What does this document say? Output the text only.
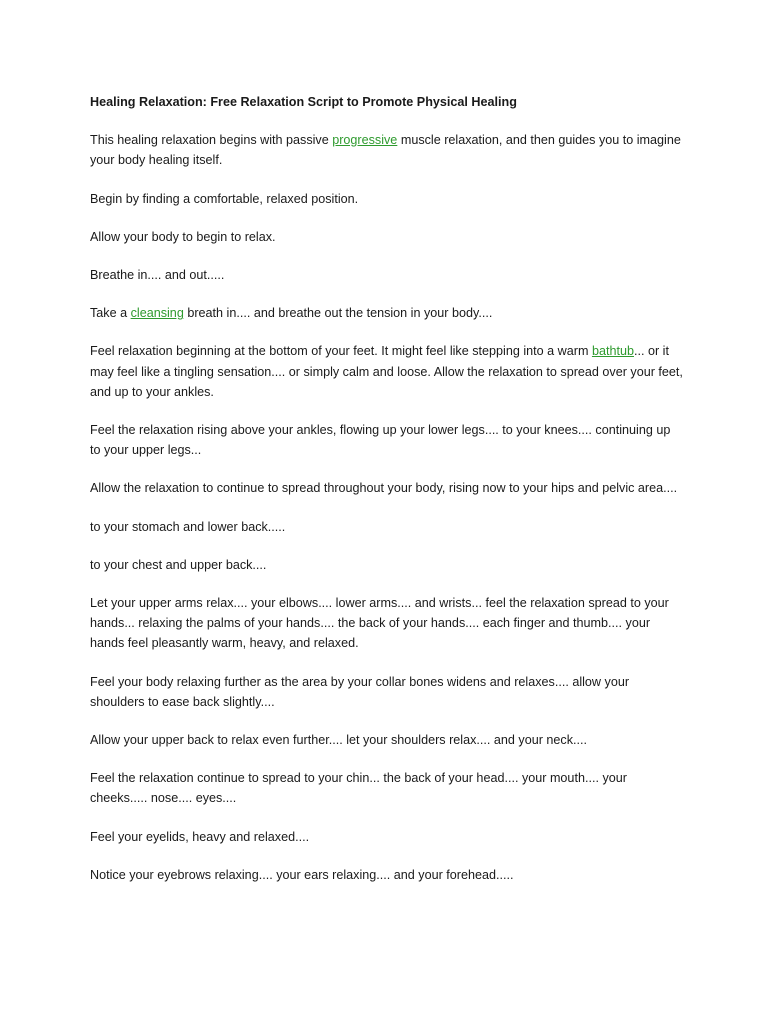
Healing Relaxation: Free Relaxation Script to Promote Physical Healing

This healing relaxation begins with passive progressive muscle relaxation, and then guides you to imagine your body healing itself.

Begin by finding a comfortable, relaxed position.

Allow your body to begin to relax.

Breathe in.... and out.....

Take a cleansing breath in.... and breathe out the tension in your body....

Feel relaxation beginning at the bottom of your feet. It might feel like stepping into a warm bathtub... or it may feel like a tingling sensation.... or simply calm and loose. Allow the relaxation to spread over your feet, and up to your ankles.

Feel the relaxation rising above your ankles, flowing up your lower legs.... to your knees.... continuing up to your upper legs...

Allow the relaxation to continue to spread throughout your body, rising now to your hips and pelvic area....

to your stomach and lower back.....

to your chest and upper back....

Let your upper arms relax.... your elbows.... lower arms.... and wrists... feel the relaxation spread to your hands... relaxing the palms of your hands.... the back of your hands.... each finger and thumb.... your hands feel pleasantly warm, heavy, and relaxed.

Feel your body relaxing further as the area by your collar bones widens and relaxes.... allow your shoulders to ease back slightly....

Allow your upper back to relax even further.... let your shoulders relax.... and your neck....

Feel the relaxation continue to spread to your chin... the back of your head.... your mouth.... your cheeks..... nose.... eyes....

Feel your eyelids, heavy and relaxed....

Notice your eyebrows relaxing.... your ears relaxing.... and your forehead.....
